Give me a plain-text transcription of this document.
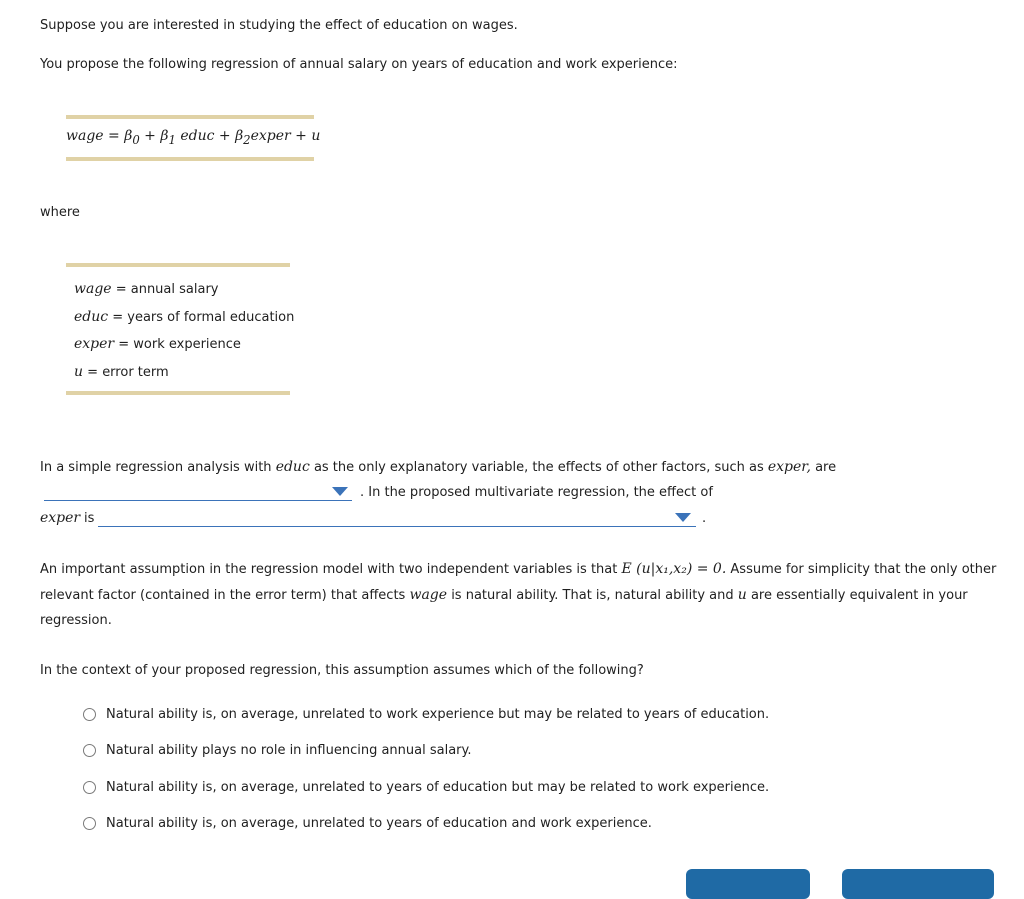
Suppose you are interested in studying the effect of education on wages.

You propose the following regression of annual salary on years of education and work experience:

wage = $\beta_0 + \beta_1$ educ + $\beta_2exper + u$

where

wage = annual salary
educ = years of formal education
exper = work experience
u = error term

In a simple regression analysis with educ as the only explanatory variable, the effects of other factors, such as exper, are

. In the proposed multivariate regression, the effect of
exper is	.

An important assumption in the regression model with two independent variables is that E (u|x₁,x₂) = 0. Assume for simplicity that the only other

relevant factor (contained in the error term) that affects wage is natural ability. That is, natural ability and u are essentially equivalent in your

regression.

In the context of your proposed regression, this assumption assumes which of the following?

Natural ability is, on average, unrelated to work experience but may be related to years of education.
Natural ability plays no role in influencing annual salary.
Natural ability is, on average, unrelated to years of education but may be related to work experience.
Natural ability is, on average, unrelated to years of education and work experience.
